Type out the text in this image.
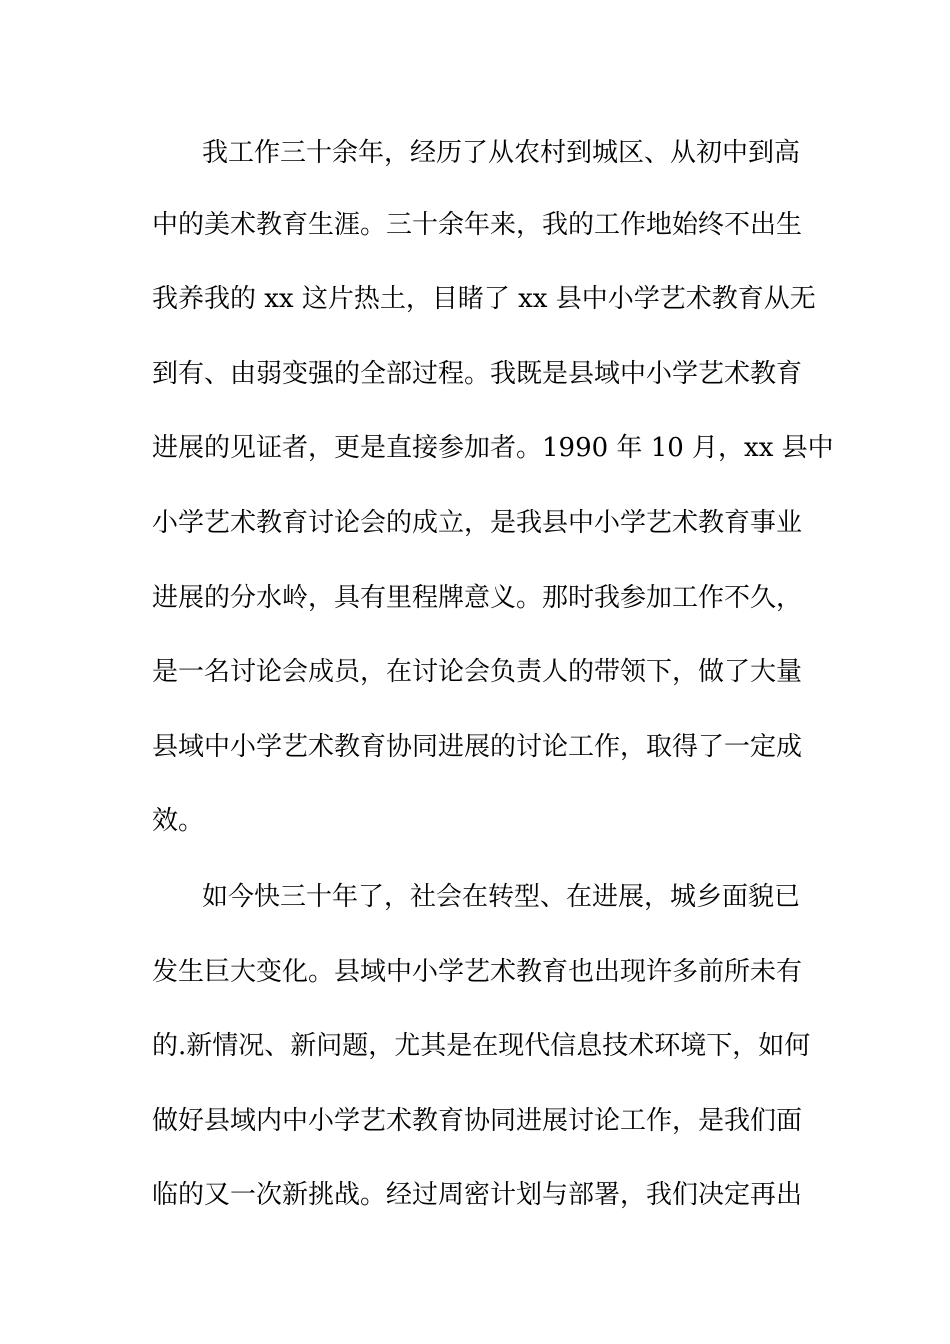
我工作三十余年，经历了从农村到城区、从初中到高
中的美术教育生涯。三十余年来，我的工作地始终不出生
我养我的 xx 这片热土，目睹了 xx 县中小学艺术教育从无
到有、由弱变强的全部过程。我既是县域中小学艺术教育
进展的见证者，更是直接参加者。1990 年 10 月，xx 县中
小学艺术教育讨论会的成立，是我县中小学艺术教育事业
进展的分水岭，具有里程牌意义。那时我参加工作不久，
是一名讨论会成员，在讨论会负责人的带领下，做了大量
县域中小学艺术教育协同进展的讨论工作，取得了一定成
效。
如今快三十年了，社会在转型、在进展，城乡面貌已
发生巨大变化。县域中小学艺术教育也出现许多前所未有
的.新情况、新问题，尤其是在现代信息技术环境下，如何
做好县域内中小学艺术教育协同进展讨论工作，是我们面
临的又一次新挑战。经过周密计划与部署，我们决定再出
